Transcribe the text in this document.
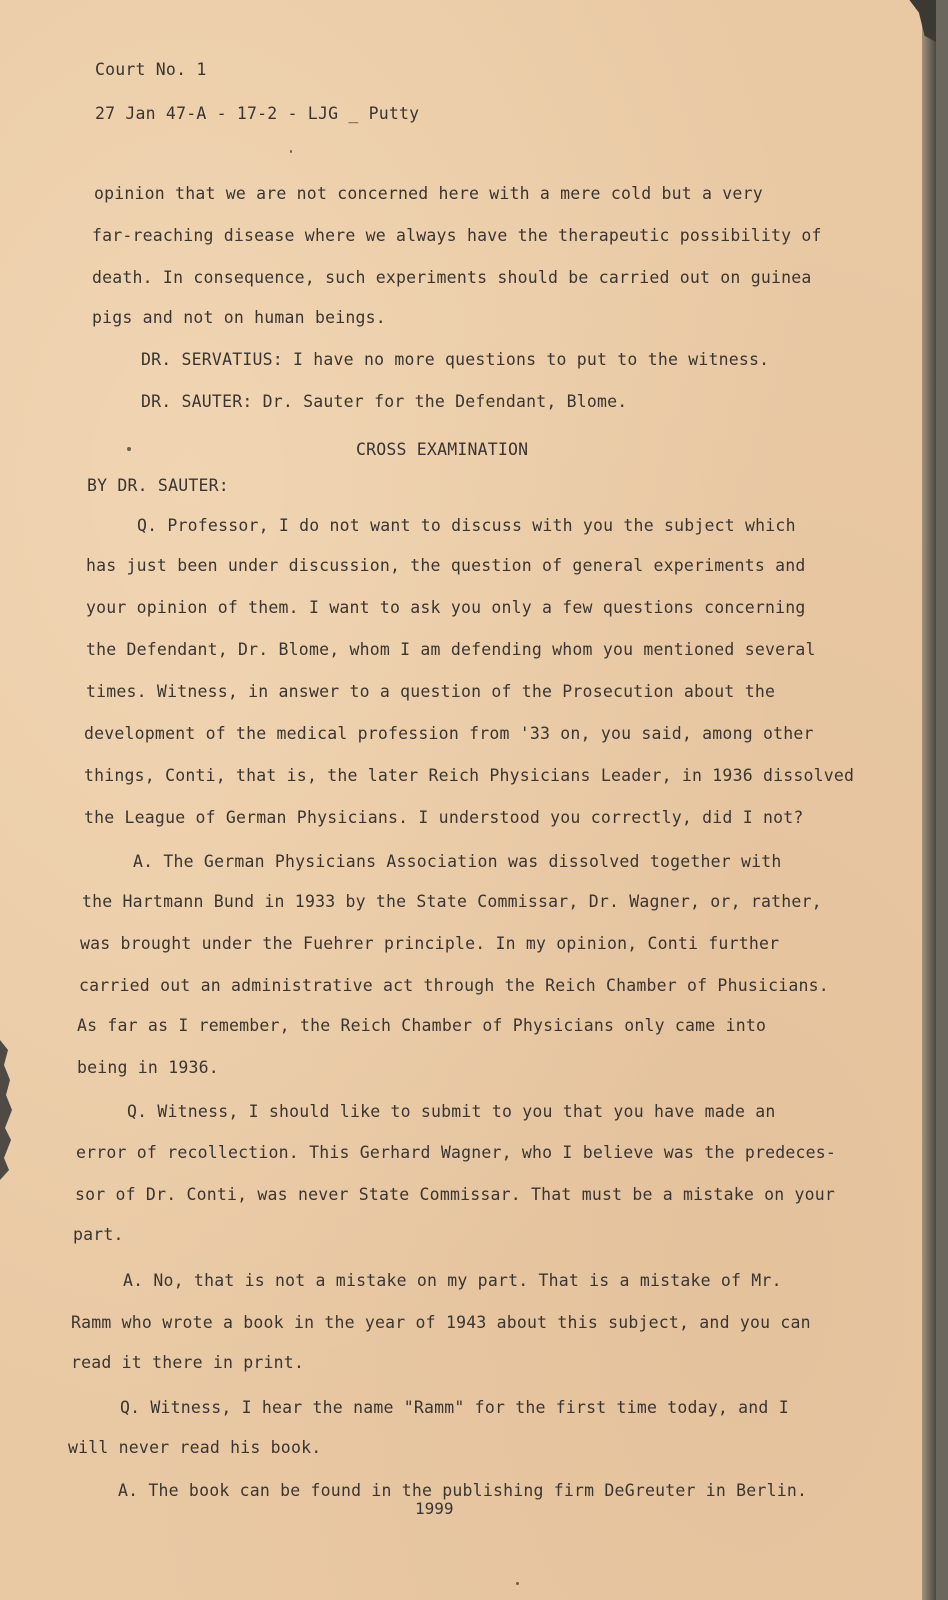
Court No. 1
27 Jan 47-A - 17-2 - LJG _ Putty
opinion that we are not concerned here with a mere cold but a very
far-reaching disease where we always have the therapeutic possibility of
death. In consequence, such experiments should be carried out on guinea
pigs and not on human beings.
DR. SERVATIUS: I have no more questions to put to the witness.
DR. SAUTER: Dr. Sauter for the Defendant, Blome.
CROSS EXAMINATION
BY DR. SAUTER:
Q. Professor, I do not want to discuss with you the subject which
has just been under discussion, the question of general experiments and
your opinion of them. I want to ask you only a few questions concerning
the Defendant, Dr. Blome, whom I am defending whom you mentioned several
times. Witness, in answer to a question of the Prosecution about the
development of the medical profession from '33 on, you said, among other
things, Conti, that is, the later Reich Physicians Leader, in 1936 dissolved
the League of German Physicians. I understood you correctly, did I not?
A. The German Physicians Association was dissolved together with
the Hartmann Bund in 1933 by the State Commissar, Dr. Wagner, or, rather,
was brought under the Fuehrer principle. In my opinion, Conti further
carried out an administrative act through the Reich Chamber of Phusicians.
As far as I remember, the Reich Chamber of Physicians only came into
being in 1936.
Q. Witness, I should like to submit to you that you have made an
error of recollection. This Gerhard Wagner, who I believe was the predeces-
sor of Dr. Conti, was never State Commissar. That must be a mistake on your
part.
A. No, that is not a mistake on my part. That is a mistake of Mr.
Ramm who wrote a book in the year of 1943 about this subject, and you can
read it there in print.
Q. Witness, I hear the name "Ramm" for the first time today, and I
will never read his book.
A. The book can be found in the publishing firm DeGreuter in Berlin.
1999
